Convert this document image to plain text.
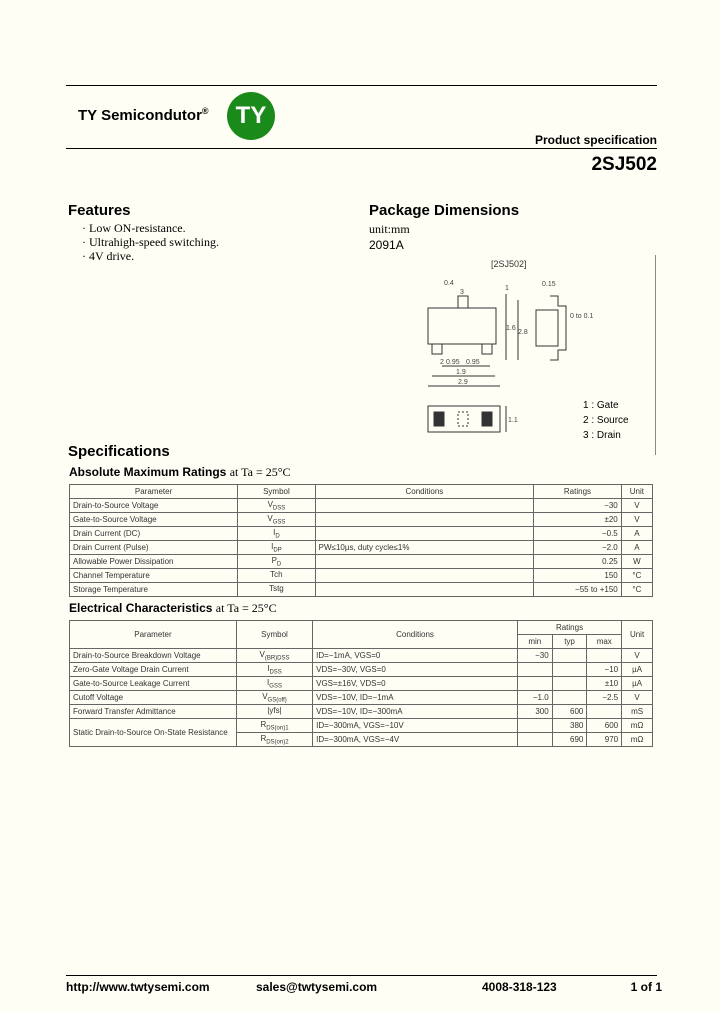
TY Semicondutor®	TY
Product specification
2SJ502
Features
· Low ON-resistance.
· Ultrahigh-speed switching.
· 4V drive.
Package Dimensions
unit:mm
2091A
[2SJ502]
0.4
3
1
2
0.15
0 to 0.1
1.6
2.8
0.95 0.95
1.9
2.9
1.1
1 : Gate
2 : Source
3 : Drain
Specifications
Absolute Maximum Ratings at Ta = 25°C
Parameter	Symbol	Conditions	Ratings	Unit
Drain-to-Source Voltage	$V_{DSS}$		−30	V
Gate-to-Source Voltage	$V_{GSS}$		±20	V
Drain Current (DC)	$I_D$		−0.5	A
Drain Current (Pulse)	$I_{DP}$	PW≤10µs, duty cycle≤1%	−2.0	A
Allowable Power Dissipation	$P_D$		0.25	W
Channel Temperature	Tch		150	°C
Storage Temperature	Tstg		−55 to +150	°C
Electrical Characteristics at Ta = 25°C
Parameter	Symbol	Conditions	Ratings			Unit
			min	typ	max	
Drain-to-Source Breakdown Voltage	$V_{(BR)DSS}$	ID=−1mA, VGS=0	−30			V
Zero-Gate Voltage Drain Current	$I_{DSS}$	VDS=−30V, VGS=0			−10	µA
Gate-to-Source Leakage Current	$I_{GSS}$	VGS=±16V, VDS=0			±10	µA
Cutoff Voltage	$V_{GS(off)}$	VDS=−10V, ID=−1mA	−1.0		−2.5	V
Forward Transfer Admittance	|yfs|	VDS=−10V, ID=−300mA	300	600		mS
Static Drain-to-Source On-State Resistance	$R_{DS(on)1}$	ID=−300mA, VGS=−10V		380	600	mΩ
	$R_{DS(on)2}$	ID=−300mA, VGS=−4V		690	970	mΩ
http://www.twtysemi.com	sales@twtysemi.com	4008-318-123	1 of 1
